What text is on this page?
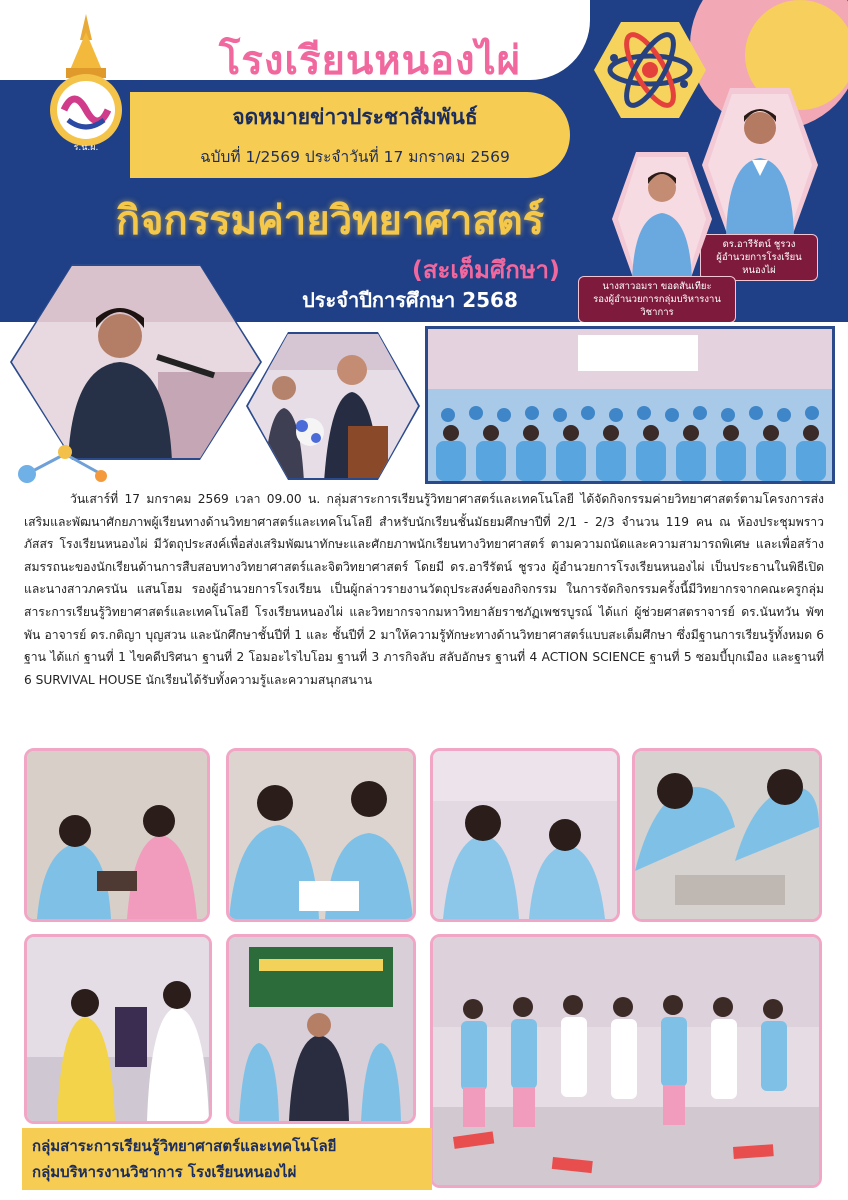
ร.น.ผ.
โรงเรียนหนองไผ่
จดหมายข่าวประชาสัมพันธ์
ฉบับที่ 1/2569 ประจำวันที่ 17 มกราคม 2569
กิจกรรมค่ายวิทยาศาสตร์
(สะเต็มศึกษา)
ประจำปีการศึกษา 2568
ดร.อารีรัตน์ ชูรวง
ผู้อำนวยการโรงเรียนหนองไผ่
นางสาวอมรา ขอดสันเทียะ
รองผู้อำนวยการกลุ่มบริหารงานวิชาการ
วันเสาร์ที่ 17 มกราคม 2569 เวลา 09.00 น. กลุ่มสาระการเรียนรู้วิทยาศาสตร์และเทคโนโลยี ได้จัดกิจกรรมค่ายวิทยาศาสตร์ตามโครงการส่งเสริมและพัฒนาศักยภาพผู้เรียนทางด้านวิทยาศาสตร์และเทคโนโลยี สำหรับนักเรียนชั้นมัธยมศึกษาปีที่ 2/1 - 2/3 จำนวน 119 คน ณ ห้องประชุมพราวภัสสร โรงเรียนหนองไผ่ มีวัตถุประสงค์เพื่อส่งเสริมพัฒนาทักษะและศักยภาพนักเรียนทางวิทยาศาสตร์ ตามความถนัดและความสามารถพิเศษ และเพื่อสร้างสมรรถนะของนักเรียนด้านการสืบสอบทางวิทยาศาสตร์และจิตวิทยาศาสตร์ โดยมี ดร.อารีรัตน์ ชูรวง ผู้อำนวยการโรงเรียนหนองไผ่ เป็นประธานในพิธีเปิด และนางสาวภครนัน แสนโฮม รองผู้อำนวยการโรงเรียน เป็นผู้กล่าวรายงานวัตถุประสงค์ของกิจกรรม ในการจัดกิจกรรมครั้งนี้มีวิทยากรจากคณะครูกลุ่มสาระการเรียนรู้วิทยาศาสตร์และเทคโนโลยี โรงเรียนหนองไผ่ และวิทยากรจากมหาวิทยาลัยราชภัฏเพชรบูรณ์ ได้แก่ ผู้ช่วยศาสตราจารย์ ดร.นันทวัน พัฑพัน อาจารย์ ดร.กติญา บุญสวน และนักศึกษาชั้นปีที่ 1 และ ชั้นปีที่ 2 มาให้ความรู้ทักษะทางด้านวิทยาศาสตร์แบบสะเต็มศึกษา ซึ่งมีฐานการเรียนรู้ทั้งหมด 6 ฐาน ได้แก่ ฐานที่ 1 ไขคดีปริศนา ฐานที่ 2 โอมอะไรไบโอม ฐานที่ 3 ภารกิจลับ สลับอักษร ฐานที่ 4 ACTION SCIENCE ฐานที่ 5 ซอมบี้บุกเมือง และฐานที่ 6 SURVIVAL HOUSE นักเรียนได้รับทั้งความรู้และความสนุกสนาน
กลุ่มสาระการเรียนรู้วิทยาศาสตร์และเทคโนโลยี
กลุ่มบริหารงานวิชาการ โรงเรียนหนองไผ่
